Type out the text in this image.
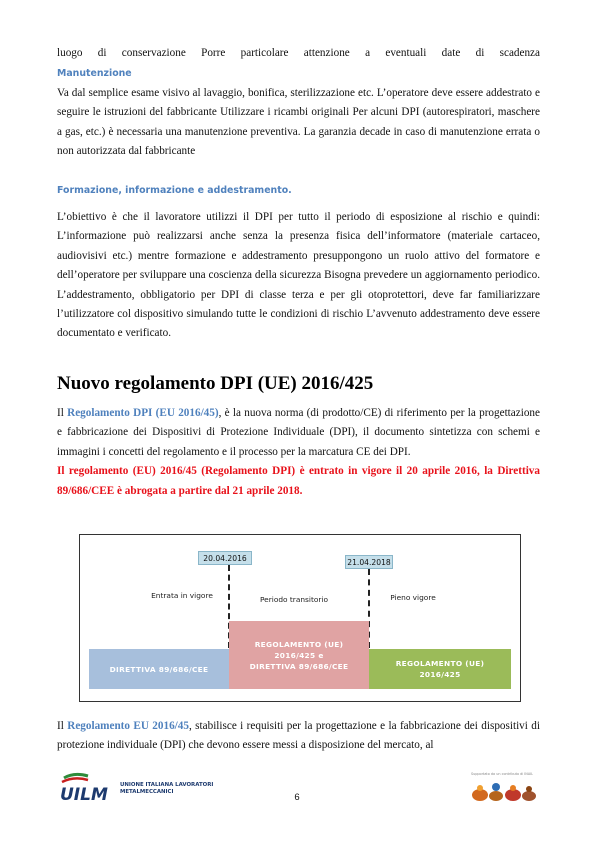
luogo di conservazione Porre particolare attenzione a eventuali date di scadenza

Manutenzione

Va dal semplice esame visivo al lavaggio, bonifica, sterilizzazione etc. L’operatore deve essere addestrato e seguire le istruzioni del fabbricante Utilizzare i ricambi originali Per alcuni DPI (autorespiratori, maschere a gas, etc.) è necessaria una manutenzione preventiva. La garanzia decade in caso di manutenzione errata o non autorizzata dal fabbricante

Formazione, informazione e addestramento.

L’obiettivo è che il lavoratore utilizzi il DPI per tutto il periodo di esposizione al rischio e quindi: L’informazione può realizzarsi anche senza la presenza fisica dell’informatore (materiale cartaceo, audiovisivi etc.) mentre formazione e addestramento presuppongono un ruolo attivo del formatore e dell’operatore per sviluppare una coscienza della sicurezza Bisogna prevedere un aggiornamento periodico. L’addestramento, obbligatorio per DPI di classe terza e per gli otoprotettori, deve far familiarizzare l’utilizzatore col dispositivo simulando tutte le condizioni di rischio L’avvenuto addestramento deve essere documentato e verificato.

Nuovo regolamento DPI (UE) 2016/425

Il Regolamento DPI (EU 2016/45), è la nuova norma (di prodotto/CE) di riferimento per la progettazione e fabbricazione dei Dispositivi di Protezione Individuale (DPI), il documento sintetizza con schemi e immagini i concetti del regolamento e il processo per la marcatura CE dei DPI.

Il regolamento (EU) 2016/45 (Regolamento DPI) è entrato in vigore il 20 aprile 2016, la Direttiva 89/686/CEE è abrogata a partire dal 21 aprile 2018.

20.04.2016	21.04.2018
Entrata in vigore	Periodo transitorio	Pieno vigore
DIRETTIVA 89/686/CEE
REGOLAMENTO (UE)
2016/425 e
DIRETTIVA 89/686/CEE	REGOLAMENTO (UE)
2016/425

Il Regolamento EU 2016/45, stabilisce i requisiti per la progettazione e la fabbricazione dei dispositivi di protezione individuale (DPI) che devono essere messi a disposizione del mercato, al

UILM UNIONE ITALIANA LAVORATORI
METALMECCANICI	6
Supportato da un contributo di INAIL
